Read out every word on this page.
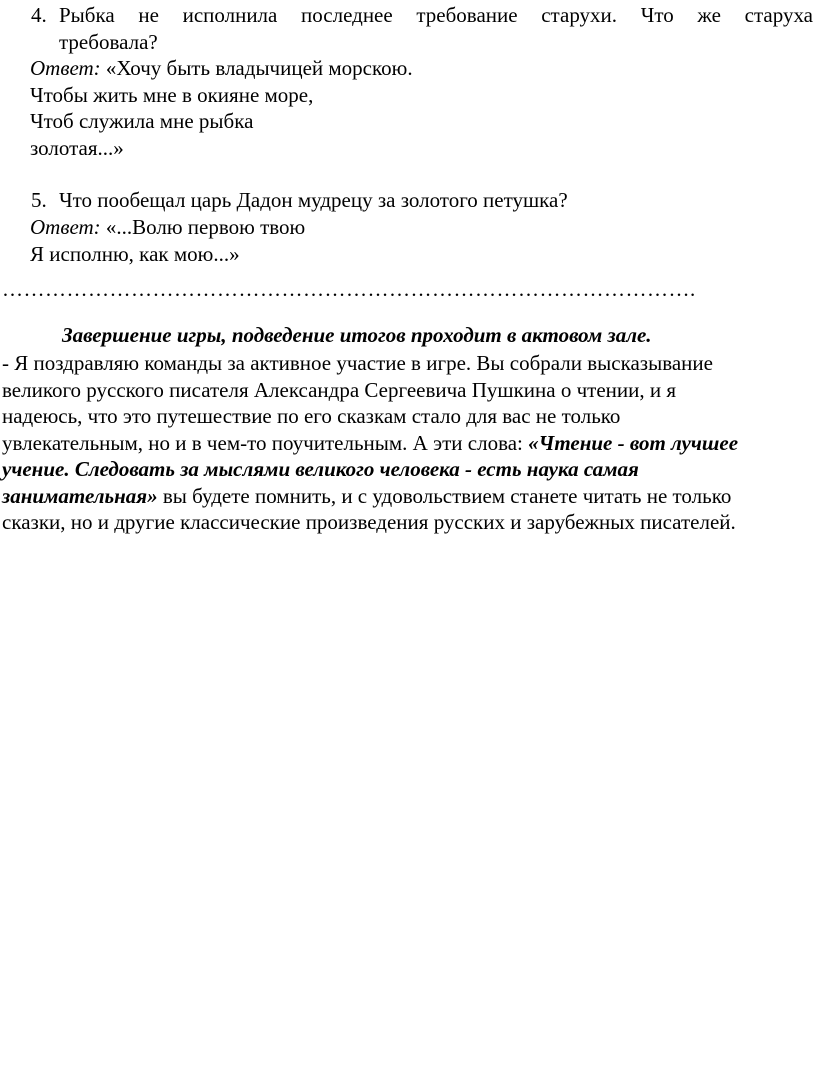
4. Рыбка не исполнила последнее требование старухи. Что же старуха
требовала?
Ответ: «Хочу быть владычицей морскою.
Чтобы жить мне в окияне море,
Чтоб служила мне рыбка
золотая...»
5. Что пообещал царь Дадон мудрецу за золотого петушка?
Ответ: «...Волю первою твою
Я исполню, как мою...»
…………………………………………………………………………………….
Завершение игры, подведение итогов проходит в актовом зале.
- Я поздравляю команды за активное участие в игре. Вы собрали высказывание
великого русского писателя Александра Сергеевича Пушкина о чтении, и я
надеюсь, что это путешествие по его сказкам стало для вас не только
увлекательным, но и в чем-то поучительным. А эти слова: «Чтение - вот лучшее
учение. Следовать за мыслями великого человека - есть наука самая
занимательная» вы будете помнить, и с удовольствием станете читать не только
сказки, но и другие классические произведения русских и зарубежных писателей.
